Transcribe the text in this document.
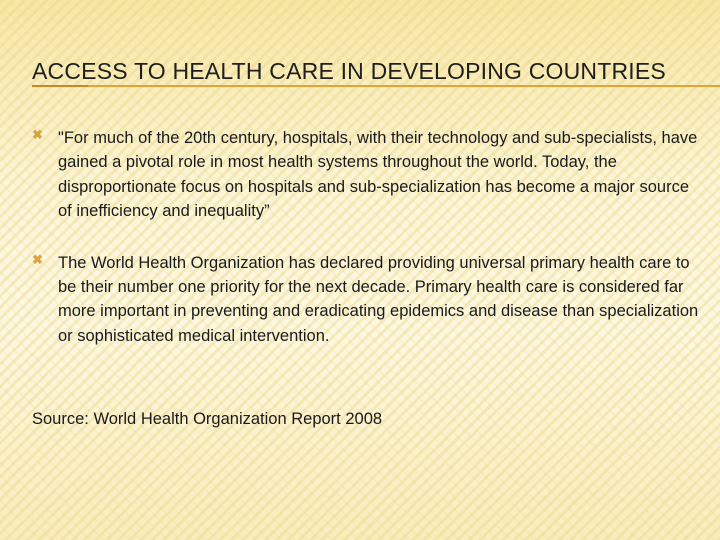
ACCESS TO HEALTH CARE IN DEVELOPING COUNTRIES
✖ "For much of the 20th century, hospitals, with their technology and sub-specialists, have gained a pivotal role in most health systems throughout the world. Today, the disproportionate focus on hospitals and sub-specialization has become a major source of inefficiency and inequality”

✖ The World Health Organization has declared providing universal primary health care to be their number one priority for the next decade. Primary health care is considered far more important in preventing and eradicating epidemics and disease than specialization or sophisticated medical intervention.

Source: World Health Organization Report 2008
